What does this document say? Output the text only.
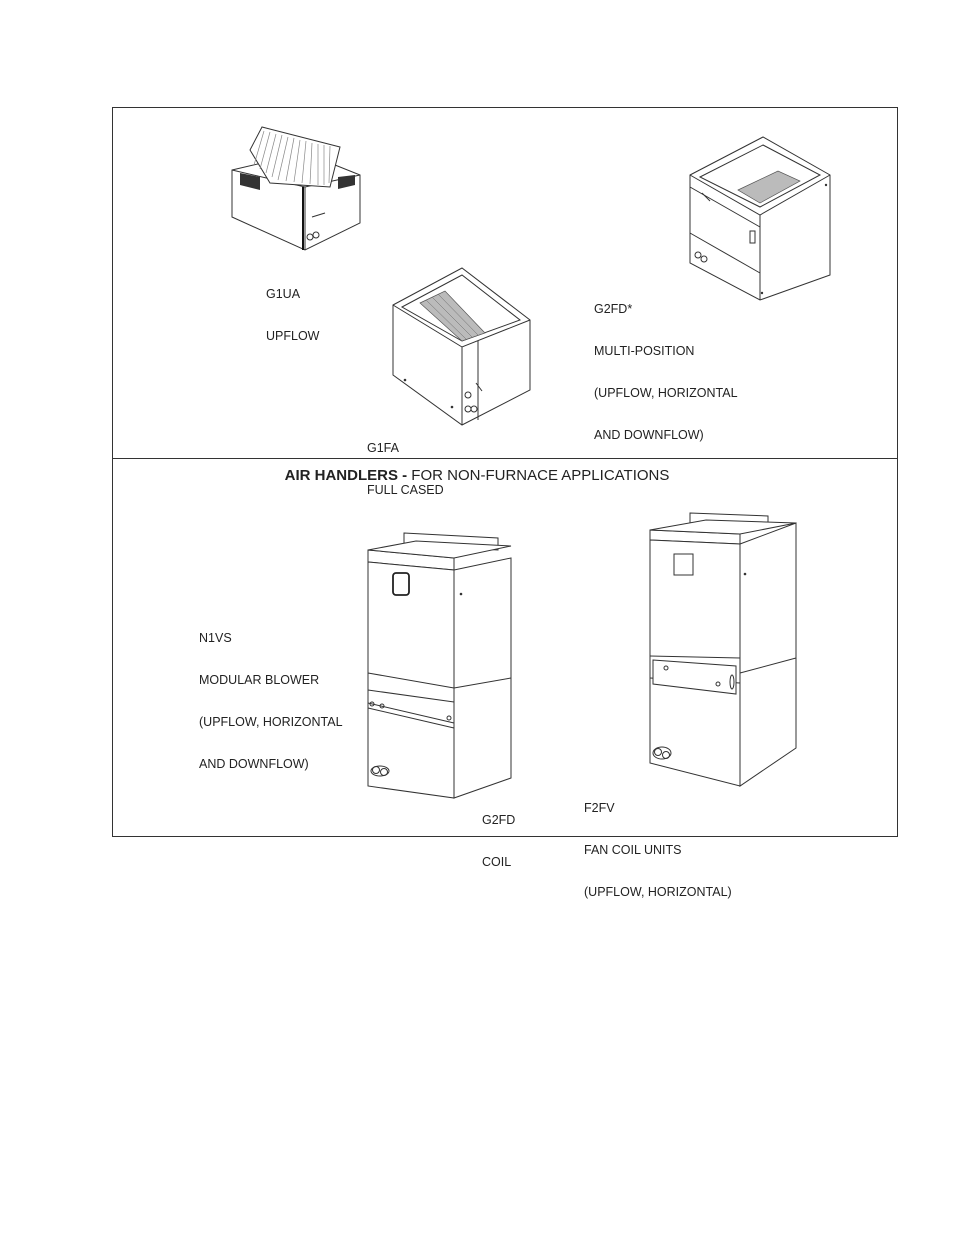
G1UA

UPFLOW

G1FA

FULL CASED

G2FD*

MULTI-POSITION

(UPFLOW, HORIZONTAL

AND DOWNFLOW)

AIR HANDLERS - FOR NON-FURNACE APPLICATIONS

N1VS

MODULAR BLOWER

(UPFLOW, HORIZONTAL

AND DOWNFLOW)

G2FD

COIL

F2FV

FAN COIL UNITS

(UPFLOW, HORIZONTAL)
